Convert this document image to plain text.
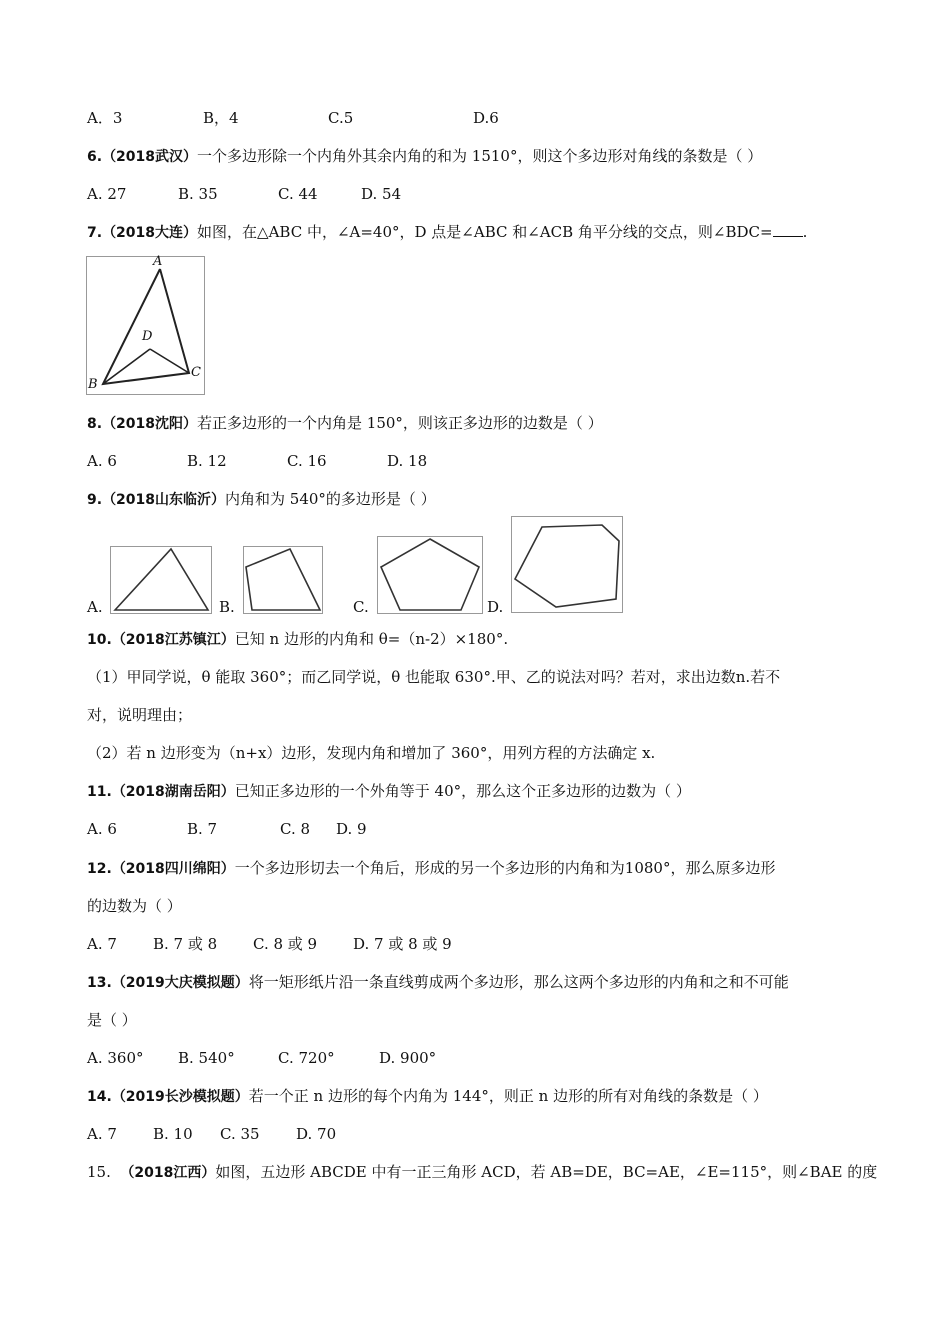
A．3	B，4	C.5	D.6
6.（2018武汉）一个多边形除一个内角外其余内角的和为 1510°，则这个多边形对角线的条数是（ ）
A. 27	B. 35	C. 44	D. 54
7.（2018大连）如图，在△ABC 中，∠A=40°，D 点是∠ABC 和∠ACB 角平分线的交点，则∠BDC= .
A
D
B
C
8.（2018沈阳）若正多边形的一个内角是 150°，则该正多边形的边数是（ ）
A. 6	B. 12	C. 16	D. 18
9.（2018山东临沂）内角和为 540°的多边形是（ ）
A.	B.	C.	D.
10.（2018江苏镇江）已知 n 边形的内角和 θ=（n-2）×180°.
（1）甲同学说，θ 能取 360°；而乙同学说，θ 也能取 630°.甲、乙的说法对吗？若对，求出边数n.若不
对，说明理由；
（2）若 n 边形变为（n+x）边形，发现内角和增加了 360°，用列方程的方法确定 x.
11.（2018湖南岳阳）已知正多边形的一个外角等于 40°，那么这个正多边形的边数为（ ）
A. 6	B. 7	C. 8 D. 9
12.（2018四川绵阳）一个多边形切去一个角后，形成的另一个多边形的内角和为1080°，那么原多边形
的边数为（ ）
A. 7 B. 7 或 8 C. 8 或 9 D. 7 或 8 或 9
13.（2019大庆模拟题）将一矩形纸片沿一条直线剪成两个多边形，那么这两个多边形的内角和之和不可能
是（ ）
A. 360° B. 540°	C. 720°	D. 900°
14.（2019长沙模拟题）若一个正 n 边形的每个内角为 144°，则正 n 边形的所有对角线的条数是（ ）
A. 7 B. 10 C. 35 D. 70
15. （2018江西）如图，五边形 ABCDE 中有一正三角形 ACD，若 AB=DE，BC=AE，∠E=115°，则∠BAE 的度
